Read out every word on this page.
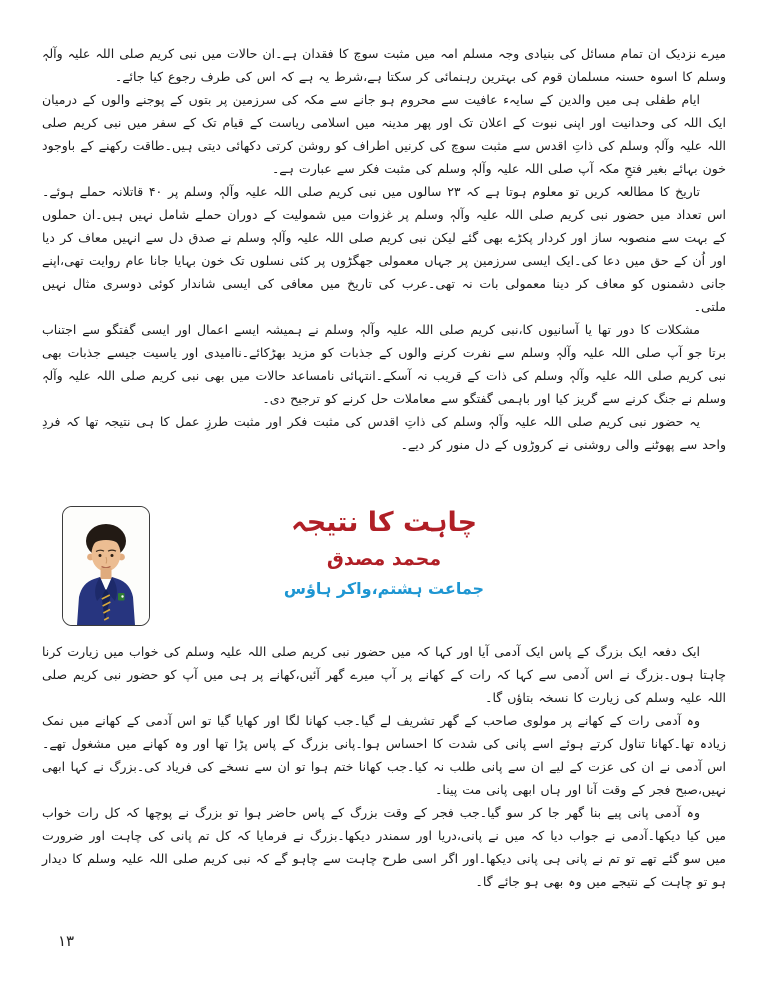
میرے نزدیک ان تمام مسائل کی بنیادی وجہ مسلم امہ میں مثبت سوچ کا فقدان ہے۔ان حالات میں نبی کریم صلی اللہ علیہ وآلہٖ وسلم کا اسوہ حسنہ مسلمان قوم کی بہترین رہنمائی کر سکتا ہے،شرط یہ ہے کہ اس کی طرف رجوع کیا جائے۔

ایام طفلی ہی میں والدین کے سایہء عافیت سے محروم ہو جانے سے مکہ کی سرزمین پر بتوں کے پوجنے والوں کے درمیان ایک اللہ کی وحدانیت اور اپنی نبوت کے اعلان تک اور پھر مدینہ میں اسلامی ریاست کے قیام تک کے سفر میں نبی کریم صلی اللہ علیہ وآلہٖ وسلم کی ذاتِ اقدس سے مثبت سوچ کی کرنیں اطراف کو روشن کرتی دکھائی دیتی ہیں۔طاقت رکھنے کے باوجود خون بہائے بغیر فتحِ مکہ آپ صلی اللہ علیہ وآلہٖ وسلم کی مثبت فکر سے عبارت ہے۔

تاریخ کا مطالعہ کریں تو معلوم ہوتا ہے کہ ۲۳ سالوں میں نبی کریم صلی اللہ علیہ وآلہٖ وسلم پر ۴۰ قاتلانہ حملے ہوئے۔اس تعداد میں حضور نبی کریم صلی اللہ علیہ وآلہٖ وسلم پر غزوات میں شمولیت کے دوران حملے شامل نہیں ہیں۔ان حملوں کے بہت سے منصوبہ ساز اور کردار پکڑے بھی گئے لیکن نبی کریم صلی اللہ علیہ وآلہٖ وسلم نے صدق دل سے انہیں معاف کر دیا اور اُن کے حق میں دعا کی۔ایک ایسی سرزمین پر جہاں معمولی جھگڑوں پر کئی نسلوں تک خون بہایا جانا عام روایت تھی،اپنے جانی دشمنوں کو معاف کر دینا معمولی بات نہ تھی۔عرب کی تاریخ میں معافی کی ایسی شاندار کوئی دوسری مثال نہیں ملتی۔

مشکلات کا دور تھا یا آسانیوں کا،نبی کریم صلی اللہ علیہ وآلہٖ وسلم نے ہمیشہ ایسے اعمال اور ایسی گفتگو سے اجتناب برتا جو آپ صلی اللہ علیہ وآلہٖ وسلم سے نفرت کرنے والوں کے جذبات کو مزید بھڑکائے۔ناامیدی اور یاسیت جیسے جذبات بھی نبی کریم صلی اللہ علیہ وآلہٖ وسلم کی ذات کے قریب نہ آسکے۔انتہائی نامساعد حالات میں بھی نبی کریم صلی اللہ علیہ وآلہٖ وسلم نے جنگ کرنے سے گریز کیا اور باہمی گفتگو سے معاملات حل کرنے کو ترجیح دی۔

یہ حضور نبی کریم صلی اللہ علیہ وآلہٖ وسلم کی ذاتِ اقدس کی مثبت فکر اور مثبت طرزِ عمل کا ہی نتیجہ تھا کہ فردِ واحد سے پھوٹنے والی روشنی نے کروڑوں کے دل منور کر دیے۔

چاہت کا نتیجہ
محمد مصدق
جماعت ہشتم،واکر ہاؤس

ایک دفعہ ایک بزرگ کے پاس ایک آدمی آیا اور کہا کہ میں حضور نبی کریم صلی اللہ علیہ وسلم کی خواب میں زیارت کرنا چاہتا ہوں۔بزرگ نے اس آدمی سے کہا کہ رات کے کھانے پر آپ میرے گھر آئیں،کھانے پر ہی میں آپ کو حضور نبی کریم صلی اللہ علیہ وسلم کی زیارت کا نسخہ بتاؤں گا۔

وہ آدمی رات کے کھانے پر مولوی صاحب کے گھر تشریف لے گیا۔جب کھانا لگا اور کھایا گیا تو اس آدمی کے کھانے میں نمک زیادہ تھا۔کھانا تناول کرتے ہوئے اسے پانی کی شدت کا احساس ہوا۔پانی بزرگ کے پاس پڑا تھا اور وہ کھانے میں مشغول تھے۔اس آدمی نے ان کی عزت کے لیے ان سے پانی طلب نہ کیا۔جب کھانا ختم ہوا تو ان سے نسخے کی فریاد کی۔بزرگ نے کہا ابھی نہیں،صبح فجر کے وقت آنا اور ہاں ابھی پانی مت پینا۔

وہ آدمی پانی پیے بنا گھر جا کر سو گیا۔جب فجر کے وقت بزرگ کے پاس حاضر ہوا تو بزرگ نے پوچھا کہ کل رات خواب میں کیا دیکھا۔آدمی نے جواب دیا کہ میں نے پانی،دریا اور سمندر دیکھا۔بزرگ نے فرمایا کہ کل تم پانی کی چاہت اور ضرورت میں سو گئے تھے تو تم نے پانی ہی پانی دیکھا۔اور اگر اسی طرح چاہت سے چاہو گے کہ نبی کریم صلی اللہ علیہ وسلم کا دیدار ہو تو چاہت کے نتیجے میں وہ بھی ہو جائے گا۔

۱۳
